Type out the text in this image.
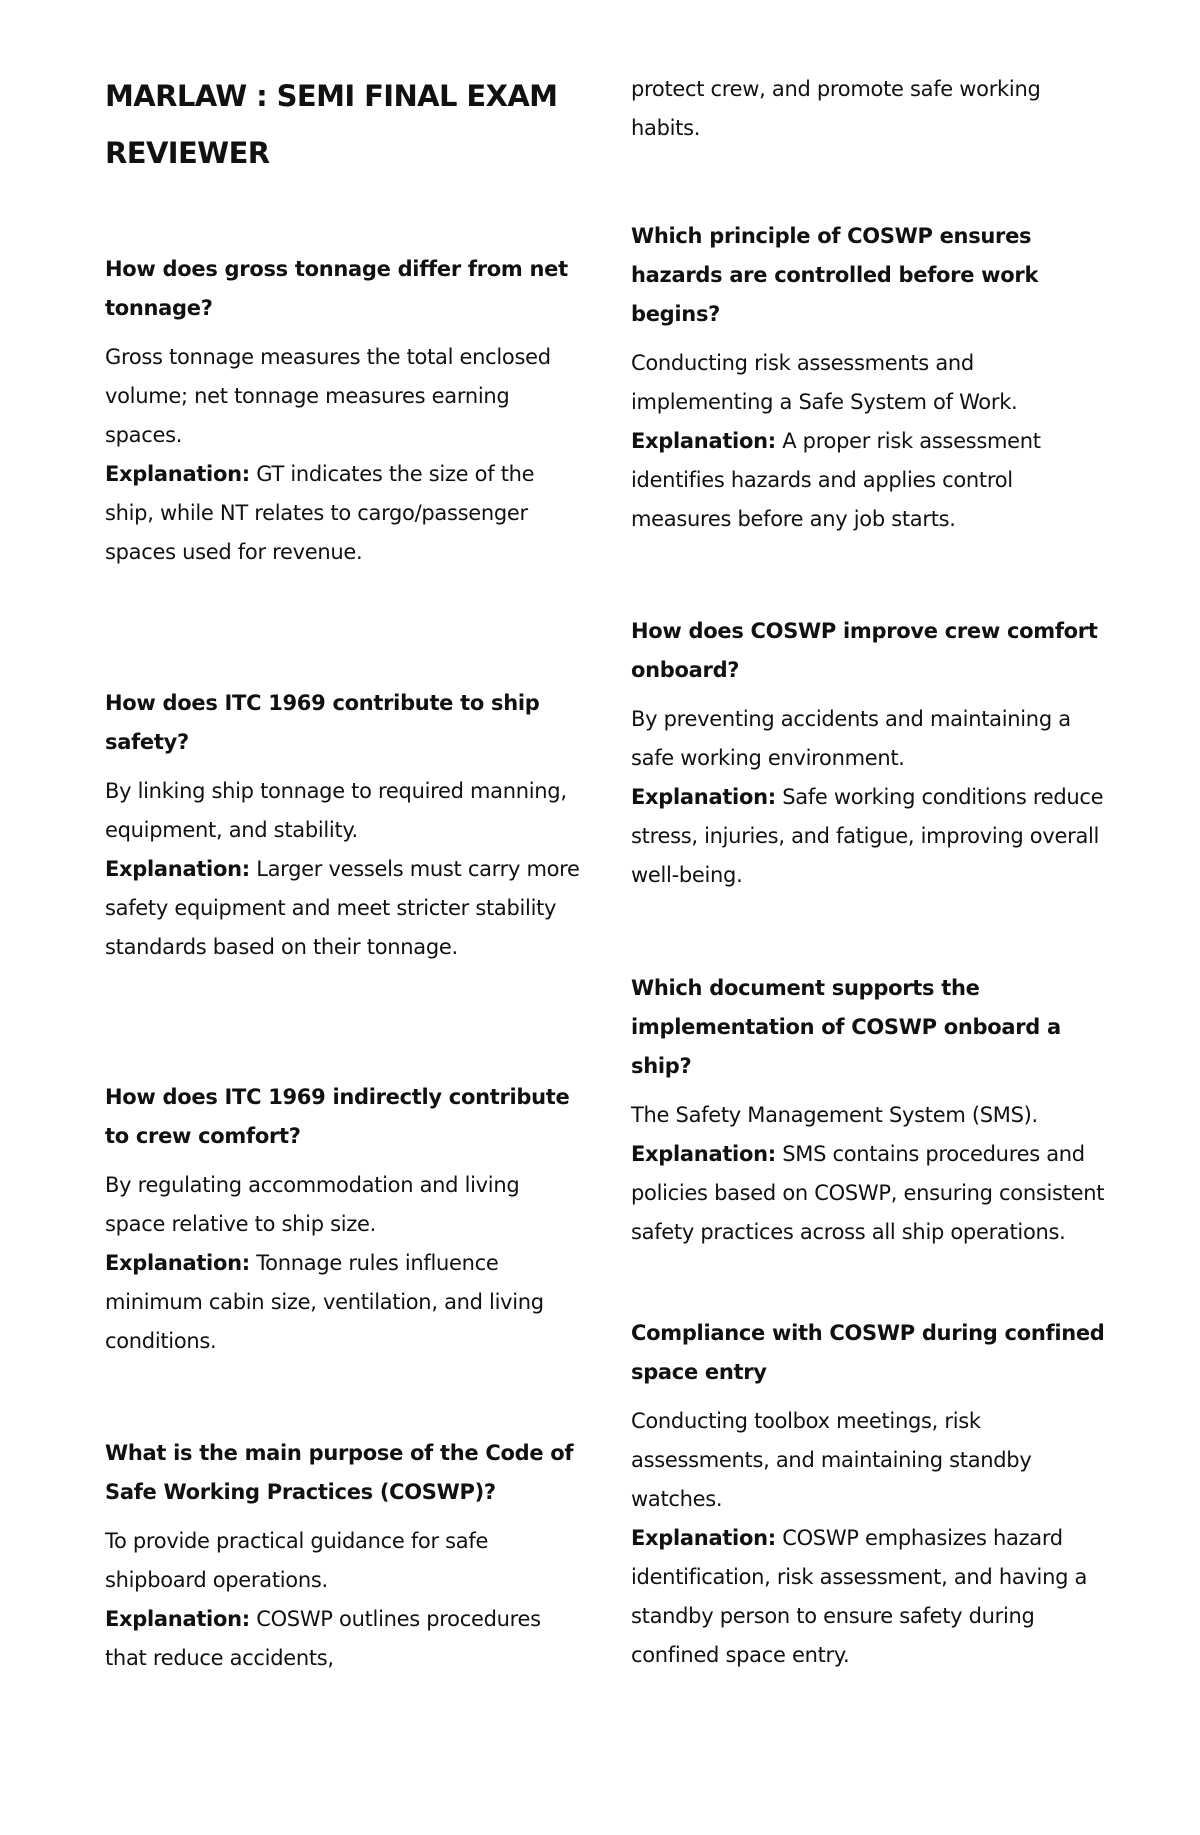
MARLAW : SEMI FINAL EXAM REVIEWER

How does gross tonnage differ from net tonnage?

Gross tonnage measures the total enclosed volume; net tonnage measures earning spaces.
Explanation: GT indicates the size of the ship, while NT relates to cargo/passenger spaces used for revenue.

How does ITC 1969 contribute to ship safety?

By linking ship tonnage to required manning, equipment, and stability.
Explanation: Larger vessels must carry more safety equipment and meet stricter stability standards based on their tonnage.

How does ITC 1969 indirectly contribute to crew comfort?

By regulating accommodation and living space relative to ship size.
Explanation: Tonnage rules influence minimum cabin size, ventilation, and living conditions.

What is the main purpose of the Code of Safe Working Practices (COSWP)?

To provide practical guidance for safe shipboard operations.
Explanation: COSWP outlines procedures that reduce accidents,

protect crew, and promote safe working habits.

Which principle of COSWP ensures hazards are controlled before work begins?

Conducting risk assessments and implementing a Safe System of Work.
Explanation: A proper risk assessment identifies hazards and applies control measures before any job starts.

How does COSWP improve crew comfort onboard?

By preventing accidents and maintaining a safe working environment.
Explanation: Safe working conditions reduce stress, injuries, and fatigue, improving overall well-being.

Which document supports the implementation of COSWP onboard a ship?

The Safety Management System (SMS).
Explanation: SMS contains procedures and policies based on COSWP, ensuring consistent safety practices across all ship operations.

Compliance with COSWP during confined space entry

Conducting toolbox meetings, risk assessments, and maintaining standby watches.
Explanation: COSWP emphasizes hazard identification, risk assessment, and having a standby person to ensure safety during confined space entry.
